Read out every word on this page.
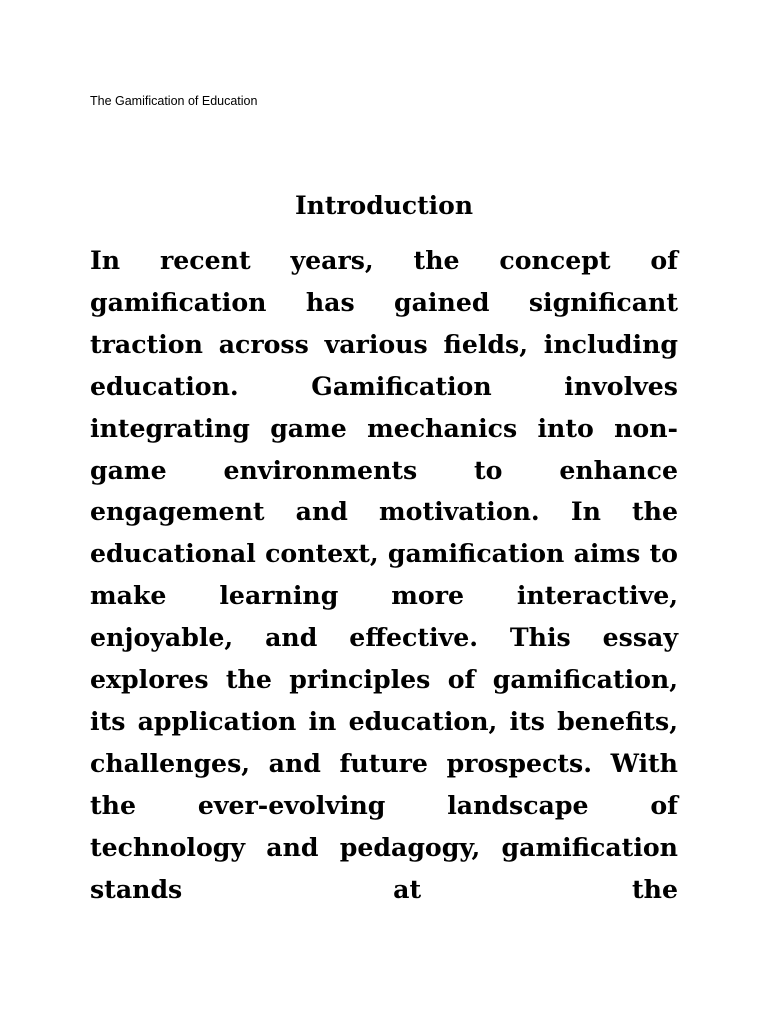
The Gamification of Education
Introduction

In recent years, the concept of gamification has gained significant traction across various fields, including education. Gamification involves integrating game mechanics into non-game environments to enhance engagement and motivation. In the educational context, gamification aims to make learning more interactive, enjoyable, and effective. This essay explores the principles of gamification, its application in education, its benefits, challenges, and future prospects. With the ever-evolving landscape of technology and pedagogy, gamification stands at the
